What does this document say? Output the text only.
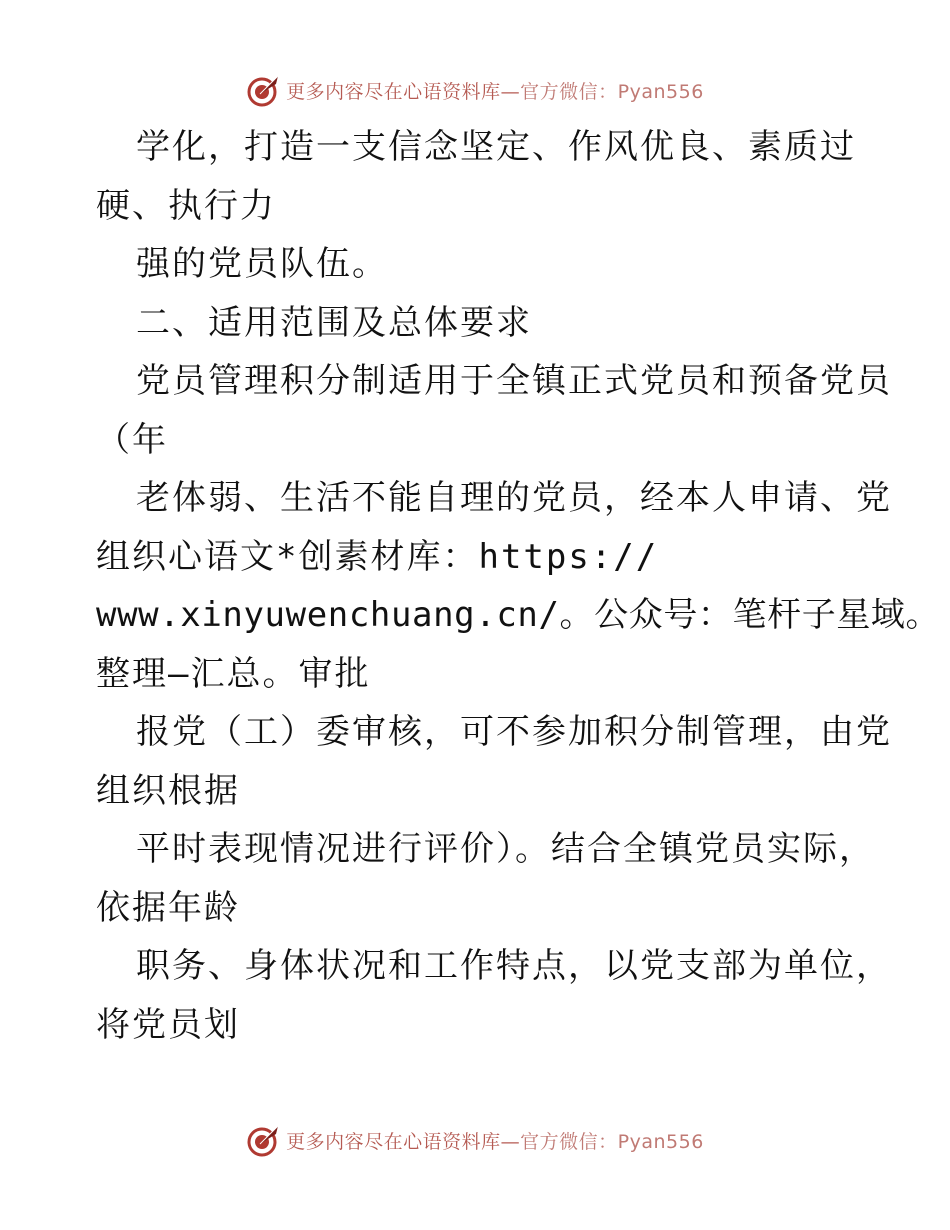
更多内容尽在心语资料库—官方微信：Pyan556
学化，打造一支信念坚定、作风优良、素质过
硬、执行力
强的党员队伍。
二、适用范围及总体要求
党员管理积分制适用于全镇正式党员和预备党员
（年
老体弱、生活不能自理的党员，经本人申请、党
组织心语文*创素材库：https://
www.xinyuwenchuang.cn/。公众号：笔杆子星域。
整理—汇总。审批
报党（工）委审核，可不参加积分制管理，由党
组织根据
平时表现情况进行评价）。结合全镇党员实际，
依据年龄
职务、身体状况和工作特点，以党支部为单位，
将党员划
更多内容尽在心语资料库—官方微信：Pyan556
